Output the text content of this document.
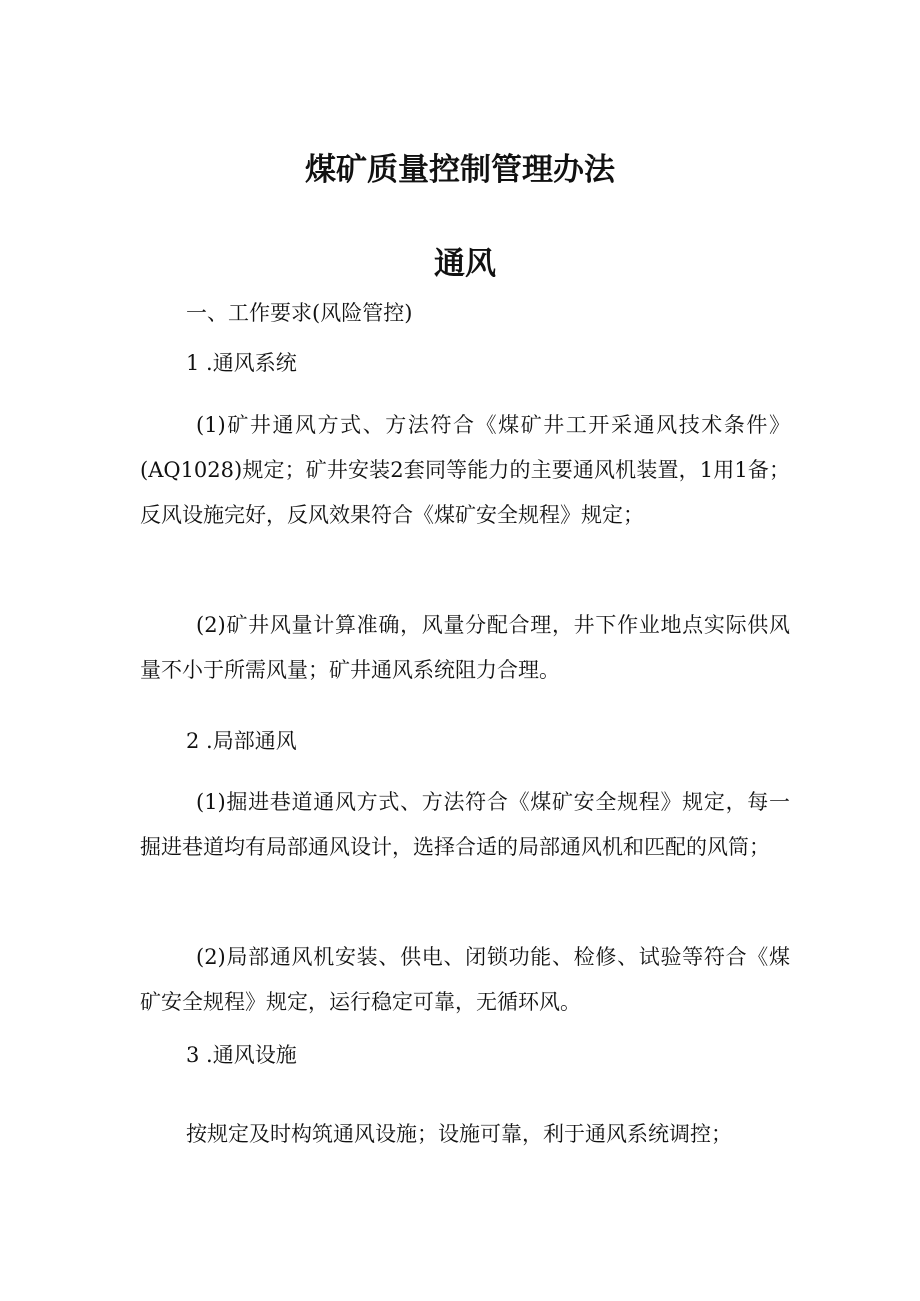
煤矿质量控制管理办法
通风
一、工作要求(风险管控)
1 .通风系统
(1)矿井通风方式、方法符合《煤矿井工开采通风技术条件》(AQ1028)规定；矿井安装2套同等能力的主要通风机装置，1用1备；反风设施完好，反风效果符合《煤矿安全规程》规定；
(2)矿井风量计算准确，风量分配合理，井下作业地点实际供风量不小于所需风量；矿井通风系统阻力合理。
2 .局部通风
(1)掘进巷道通风方式、方法符合《煤矿安全规程》规定，每一掘进巷道均有局部通风设计，选择合适的局部通风机和匹配的风筒；
(2)局部通风机安装、供电、闭锁功能、检修、试验等符合《煤矿安全规程》规定，运行稳定可靠，无循环风。
3 .通风设施
按规定及时构筑通风设施；设施可靠，利于通风系统调控；
